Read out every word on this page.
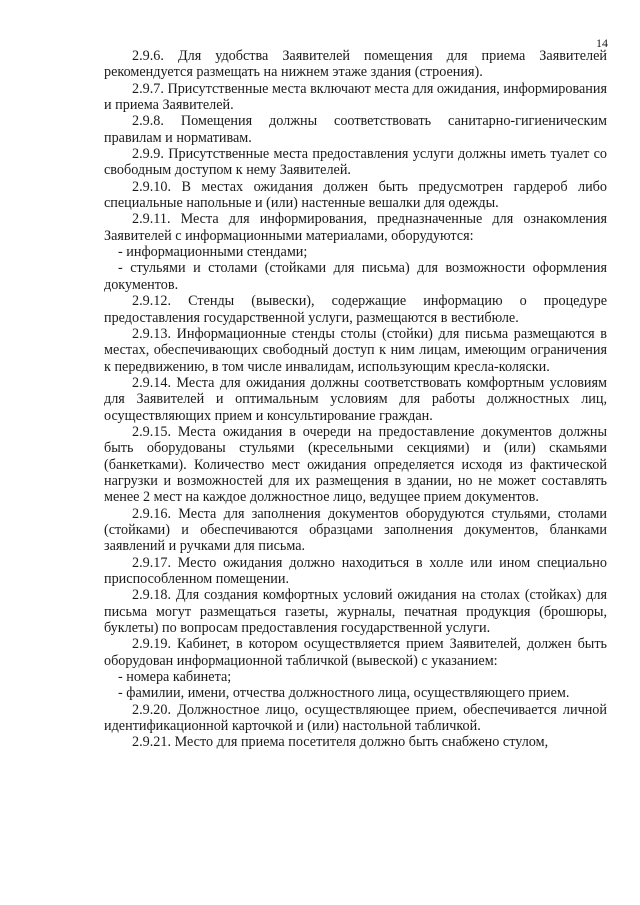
14

2.9.6. Для удобства Заявителей помещения для приема Заявителей рекомендуется размещать на нижнем этаже здания (строения).

2.9.7. Присутственные места включают места для ожидания, информирования и приема Заявителей.

2.9.8. Помещения должны соответствовать санитарно-гигиеническим правилам и нормативам.

2.9.9. Присутственные места предоставления услуги должны иметь туалет со свободным доступом к нему Заявителей.

2.9.10. В местах ожидания должен быть предусмотрен гардероб либо специальные напольные и (или) настенные вешалки для одежды.

2.9.11. Места для информирования, предназначенные для ознакомления Заявителей с информационными материалами, оборудуются:

- информационными стендами;

- стульями и столами (стойками для письма) для возможности оформления документов.

2.9.12. Стенды (вывески), содержащие информацию о процедуре предоставления государственной услуги, размещаются в вестибюле.

2.9.13. Информационные стенды столы (стойки) для письма размещаются в местах, обеспечивающих свободный доступ к ним лицам, имеющим ограничения к передвижению, в том числе инвалидам, использующим кресла-коляски.

2.9.14. Места для ожидания должны соответствовать комфортным условиям для Заявителей и оптимальным условиям для работы должностных лиц, осуществляющих прием и консультирование граждан.

2.9.15. Места ожидания в очереди на предоставление документов должны быть оборудованы стульями (кресельными секциями) и (или) скамьями (банкетками). Количество мест ожидания определяется исходя из фактической нагрузки и возможностей для их размещения в здании, но не может составлять менее 2 мест на каждое должностное лицо, ведущее прием документов.

2.9.16. Места для заполнения документов оборудуются стульями, столами (стойками) и обеспечиваются образцами заполнения документов, бланками заявлений и ручками для письма.

2.9.17. Место ожидания должно находиться в холле или ином специально приспособленном помещении.

2.9.18. Для создания комфортных условий ожидания на столах (стойках) для письма могут размещаться газеты, журналы, печатная продукция (брошюры, буклеты) по вопросам предоставления государственной услуги.

2.9.19. Кабинет, в котором осуществляется прием Заявителей, должен быть оборудован информационной табличкой (вывеской) с указанием:

- номера кабинета;

- фамилии, имени, отчества должностного лица, осуществляющего прием.

2.9.20. Должностное лицо, осуществляющее прием, обеспечивается личной идентификационной карточкой и (или) настольной табличкой.

2.9.21. Место для приема посетителя должно быть снабжено стулом,
